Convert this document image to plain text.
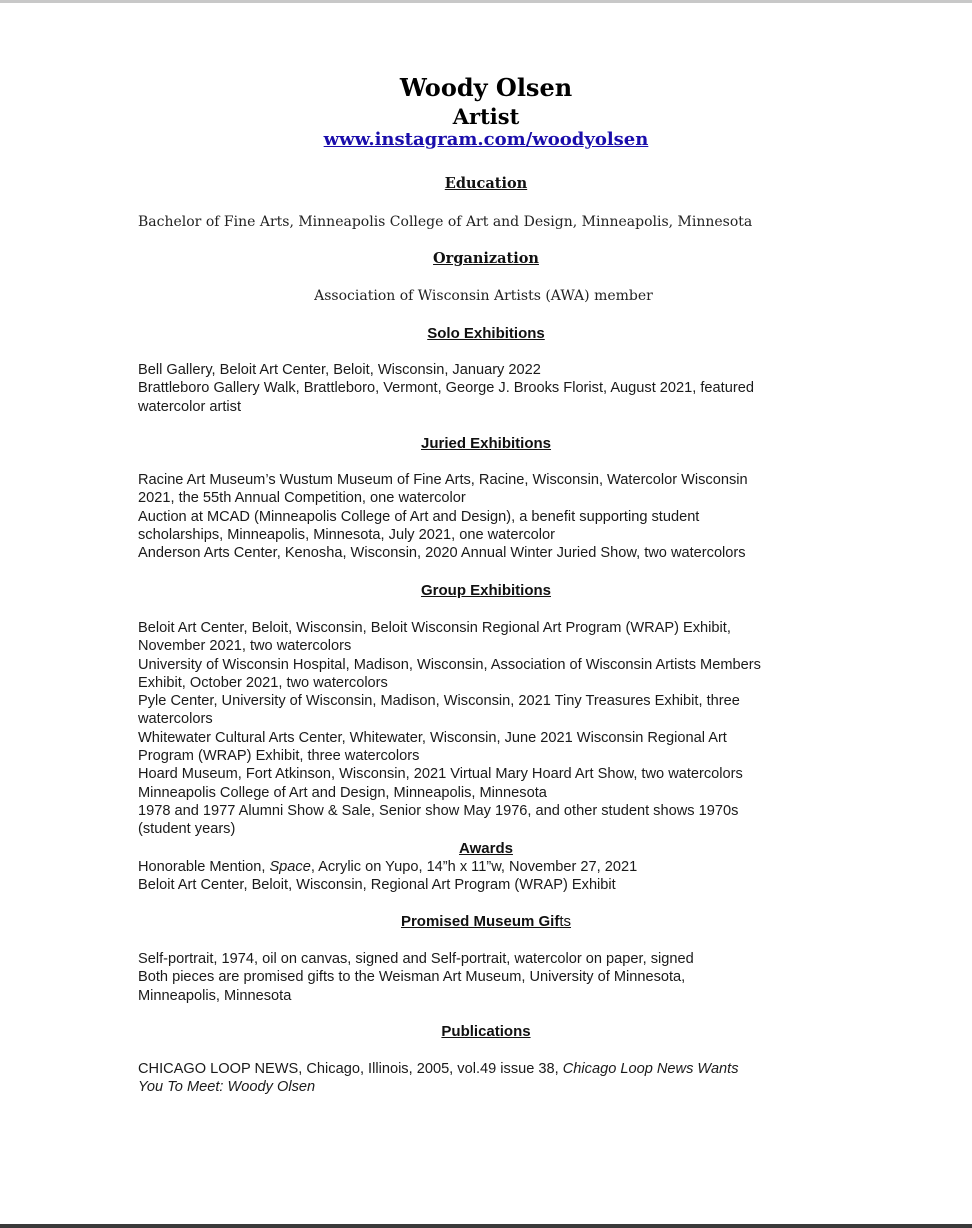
Woody Olsen
Artist
www.instagram.com/woodyolsen
Education
Bachelor of Fine Arts, Minneapolis College of Art and Design, Minneapolis, Minnesota
Organization
Association of Wisconsin Artists (AWA) member
Solo Exhibitions
Bell Gallery, Beloit Art Center, Beloit, Wisconsin, January 2022
Brattleboro Gallery Walk, Brattleboro, Vermont, George J. Brooks Florist, August 2021, featured
watercolor artist
Juried Exhibitions
Racine Art Museum’s Wustum Museum of Fine Arts, Racine, Wisconsin, Watercolor Wisconsin
2021, the 55th Annual Competition, one watercolor
Auction at MCAD (Minneapolis College of Art and Design), a benefit supporting student
scholarships, Minneapolis, Minnesota, July 2021, one watercolor
Anderson Arts Center, Kenosha, Wisconsin, 2020 Annual Winter Juried Show, two watercolors
Group Exhibitions
Beloit Art Center, Beloit, Wisconsin, Beloit Wisconsin Regional Art Program (WRAP) Exhibit,
November 2021, two watercolors
University of Wisconsin Hospital, Madison, Wisconsin, Association of Wisconsin Artists Members
Exhibit, October 2021, two watercolors
Pyle Center, University of Wisconsin, Madison, Wisconsin, 2021 Tiny Treasures Exhibit, three
watercolors
Whitewater Cultural Arts Center, Whitewater, Wisconsin, June 2021 Wisconsin Regional Art
Program (WRAP) Exhibit, three watercolors
Hoard Museum, Fort Atkinson, Wisconsin, 2021 Virtual Mary Hoard Art Show, two watercolors
Minneapolis College of Art and Design, Minneapolis, Minnesota
1978 and 1977 Alumni Show & Sale, Senior show May 1976, and other student shows 1970s
(student years)
Awards
Honorable Mention, Space, Acrylic on Yupo, 14”h x 11”w, November 27, 2021
Beloit Art Center, Beloit, Wisconsin, Regional Art Program (WRAP) Exhibit
Promised Museum Gifts
Self-portrait, 1974, oil on canvas, signed and Self-portrait, watercolor on paper, signed
Both pieces are promised gifts to the Weisman Art Museum, University of Minnesota,
Minneapolis, Minnesota
Publications
CHICAGO LOOP NEWS, Chicago, Illinois, 2005, vol.49 issue 38, Chicago Loop News Wants
You To Meet: Woody Olsen
